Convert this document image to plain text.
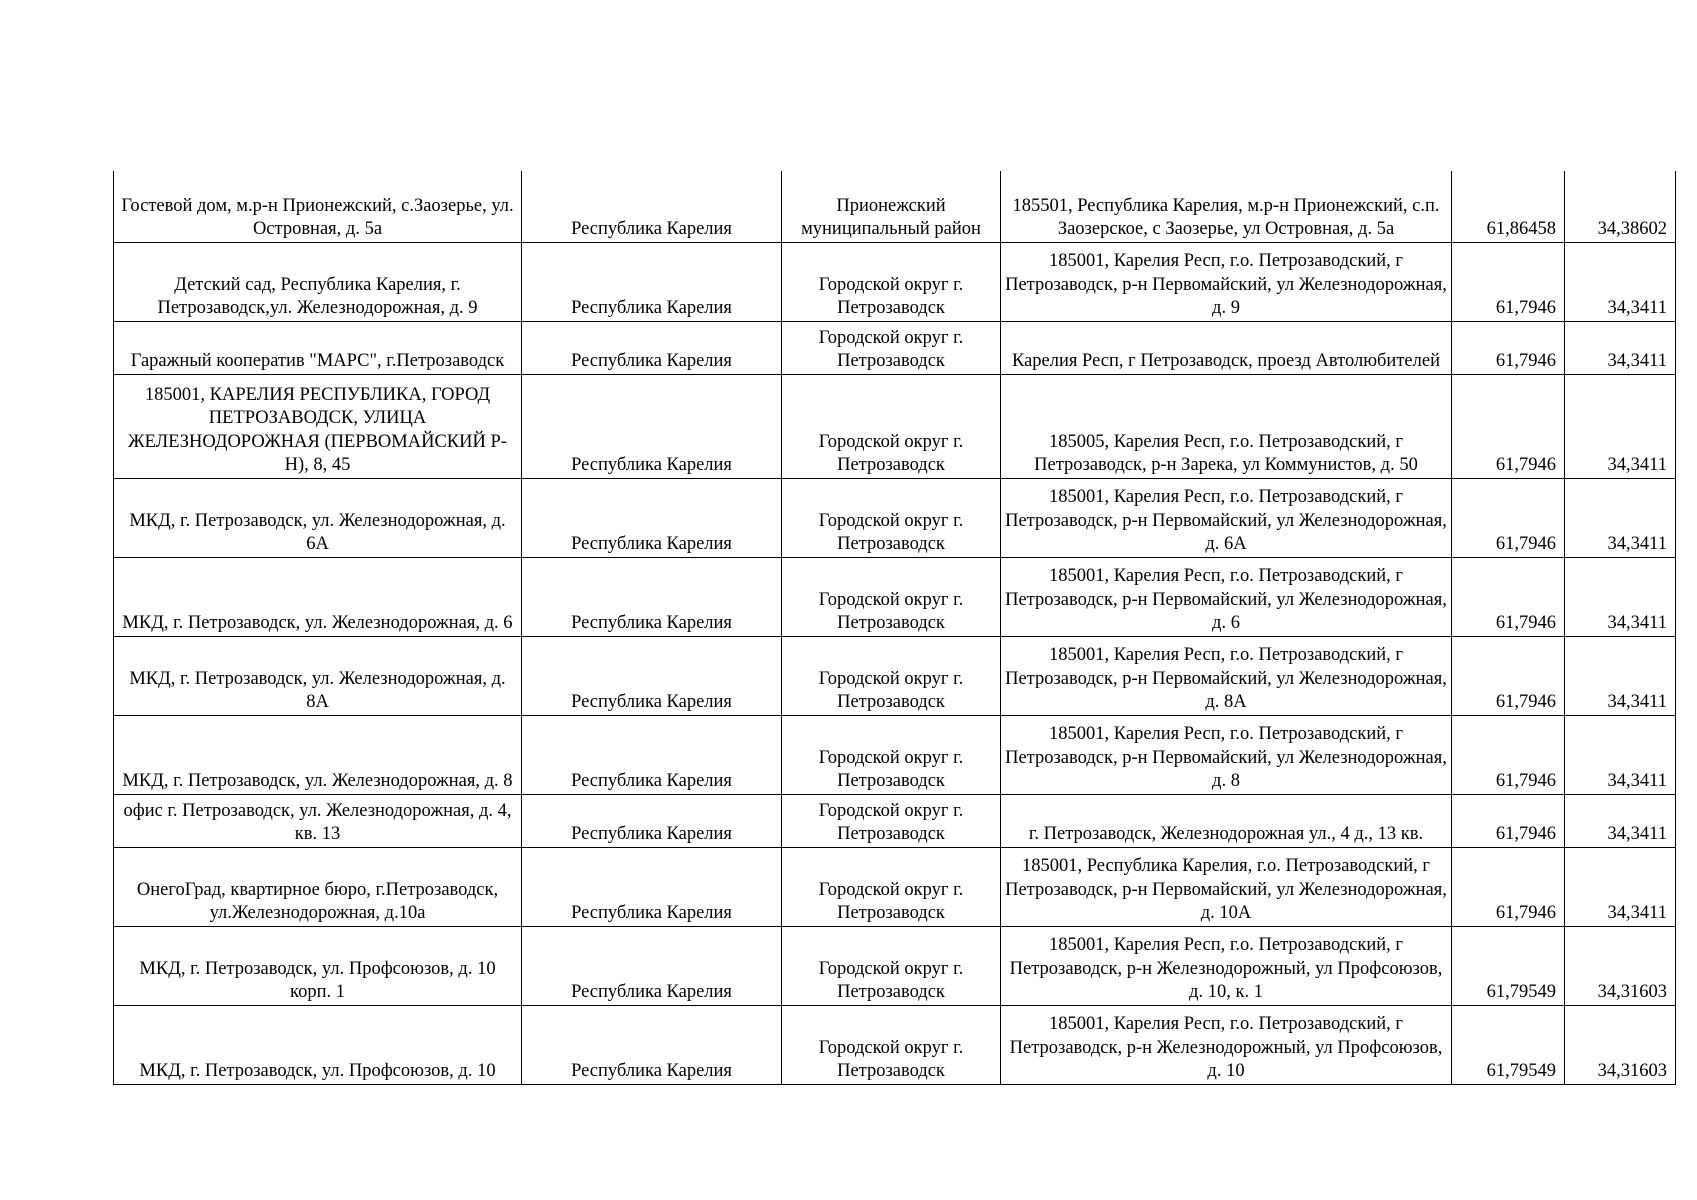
Гостевой дом, м.р-н Прионежский, с.Заозерье, ул. Островная, д. 5а	Республика Карелия	Прионежский муниципальный район	185501, Республика Карелия, м.р-н Прионежский, с.п. Заозерское, с Заозерье, ул Островная, д. 5а	61,86458	34,38602
Детский сад, Республика Карелия, г. Петрозаводск,ул. Железнодорожная, д. 9	Республика Карелия	Городской округ г. Петрозаводск	185001, Карелия Респ, г.о. Петрозаводский, г Петрозаводск, р-н Первомайский, ул Железнодорожная, д. 9	61,7946	34,3411
Гаражный кооператив "МАРС", г.Петрозаводск	Республика Карелия	Городской округ г. Петрозаводск	Карелия Респ, г Петрозаводск, проезд Автолюбителей	61,7946	34,3411
185001, КАРЕЛИЯ РЕСПУБЛИКА, ГОРОД ПЕТРОЗАВОДСК, УЛИЦА ЖЕЛЕЗНОДОРОЖНАЯ (ПЕРВОМАЙСКИЙ Р-Н), 8, 45	Республика Карелия	Городской округ г. Петрозаводск	185005, Карелия Респ, г.о. Петрозаводский, г Петрозаводск, р-н Зарека, ул Коммунистов, д. 50	61,7946	34,3411
МКД, г. Петрозаводск, ул. Железнодорожная, д. 6А	Республика Карелия	Городской округ г. Петрозаводск	185001, Карелия Респ, г.о. Петрозаводский, г Петрозаводск, р-н Первомайский, ул Железнодорожная, д. 6А	61,7946	34,3411
МКД, г. Петрозаводск, ул. Железнодорожная, д. 6	Республика Карелия	Городской округ г. Петрозаводск	185001, Карелия Респ, г.о. Петрозаводский, г Петрозаводск, р-н Первомайский, ул Железнодорожная, д. 6	61,7946	34,3411
МКД, г. Петрозаводск, ул. Железнодорожная, д. 8А	Республика Карелия	Городской округ г. Петрозаводск	185001, Карелия Респ, г.о. Петрозаводский, г Петрозаводск, р-н Первомайский, ул Железнодорожная, д. 8А	61,7946	34,3411
МКД, г. Петрозаводск, ул. Железнодорожная, д. 8	Республика Карелия	Городской округ г. Петрозаводск	185001, Карелия Респ, г.о. Петрозаводский, г Петрозаводск, р-н Первомайский, ул Железнодорожная, д. 8	61,7946	34,3411
офис г. Петрозаводск, ул. Железнодорожная, д. 4, кв. 13	Республика Карелия	Городской округ г. Петрозаводск	г. Петрозаводск, Железнодорожная ул., 4 д., 13 кв.	61,7946	34,3411
ОнегоГрад, квартирное бюро, г.Петрозаводск, ул.Железнодорожная, д.10а	Республика Карелия	Городской округ г. Петрозаводск	185001, Республика Карелия, г.о. Петрозаводский, г Петрозаводск, р-н Первомайский, ул Железнодорожная, д. 10А	61,7946	34,3411
МКД, г. Петрозаводск, ул. Профсоюзов, д. 10 корп. 1	Республика Карелия	Городской округ г. Петрозаводск	185001, Карелия Респ, г.о. Петрозаводский, г Петрозаводск, р-н Железнодорожный, ул Профсоюзов, д. 10, к. 1	61,79549	34,31603
МКД, г. Петрозаводск, ул. Профсоюзов, д. 10	Республика Карелия	Городской округ г. Петрозаводск	185001, Карелия Респ, г.о. Петрозаводский, г Петрозаводск, р-н Железнодорожный, ул Профсоюзов, д. 10	61,79549	34,31603
